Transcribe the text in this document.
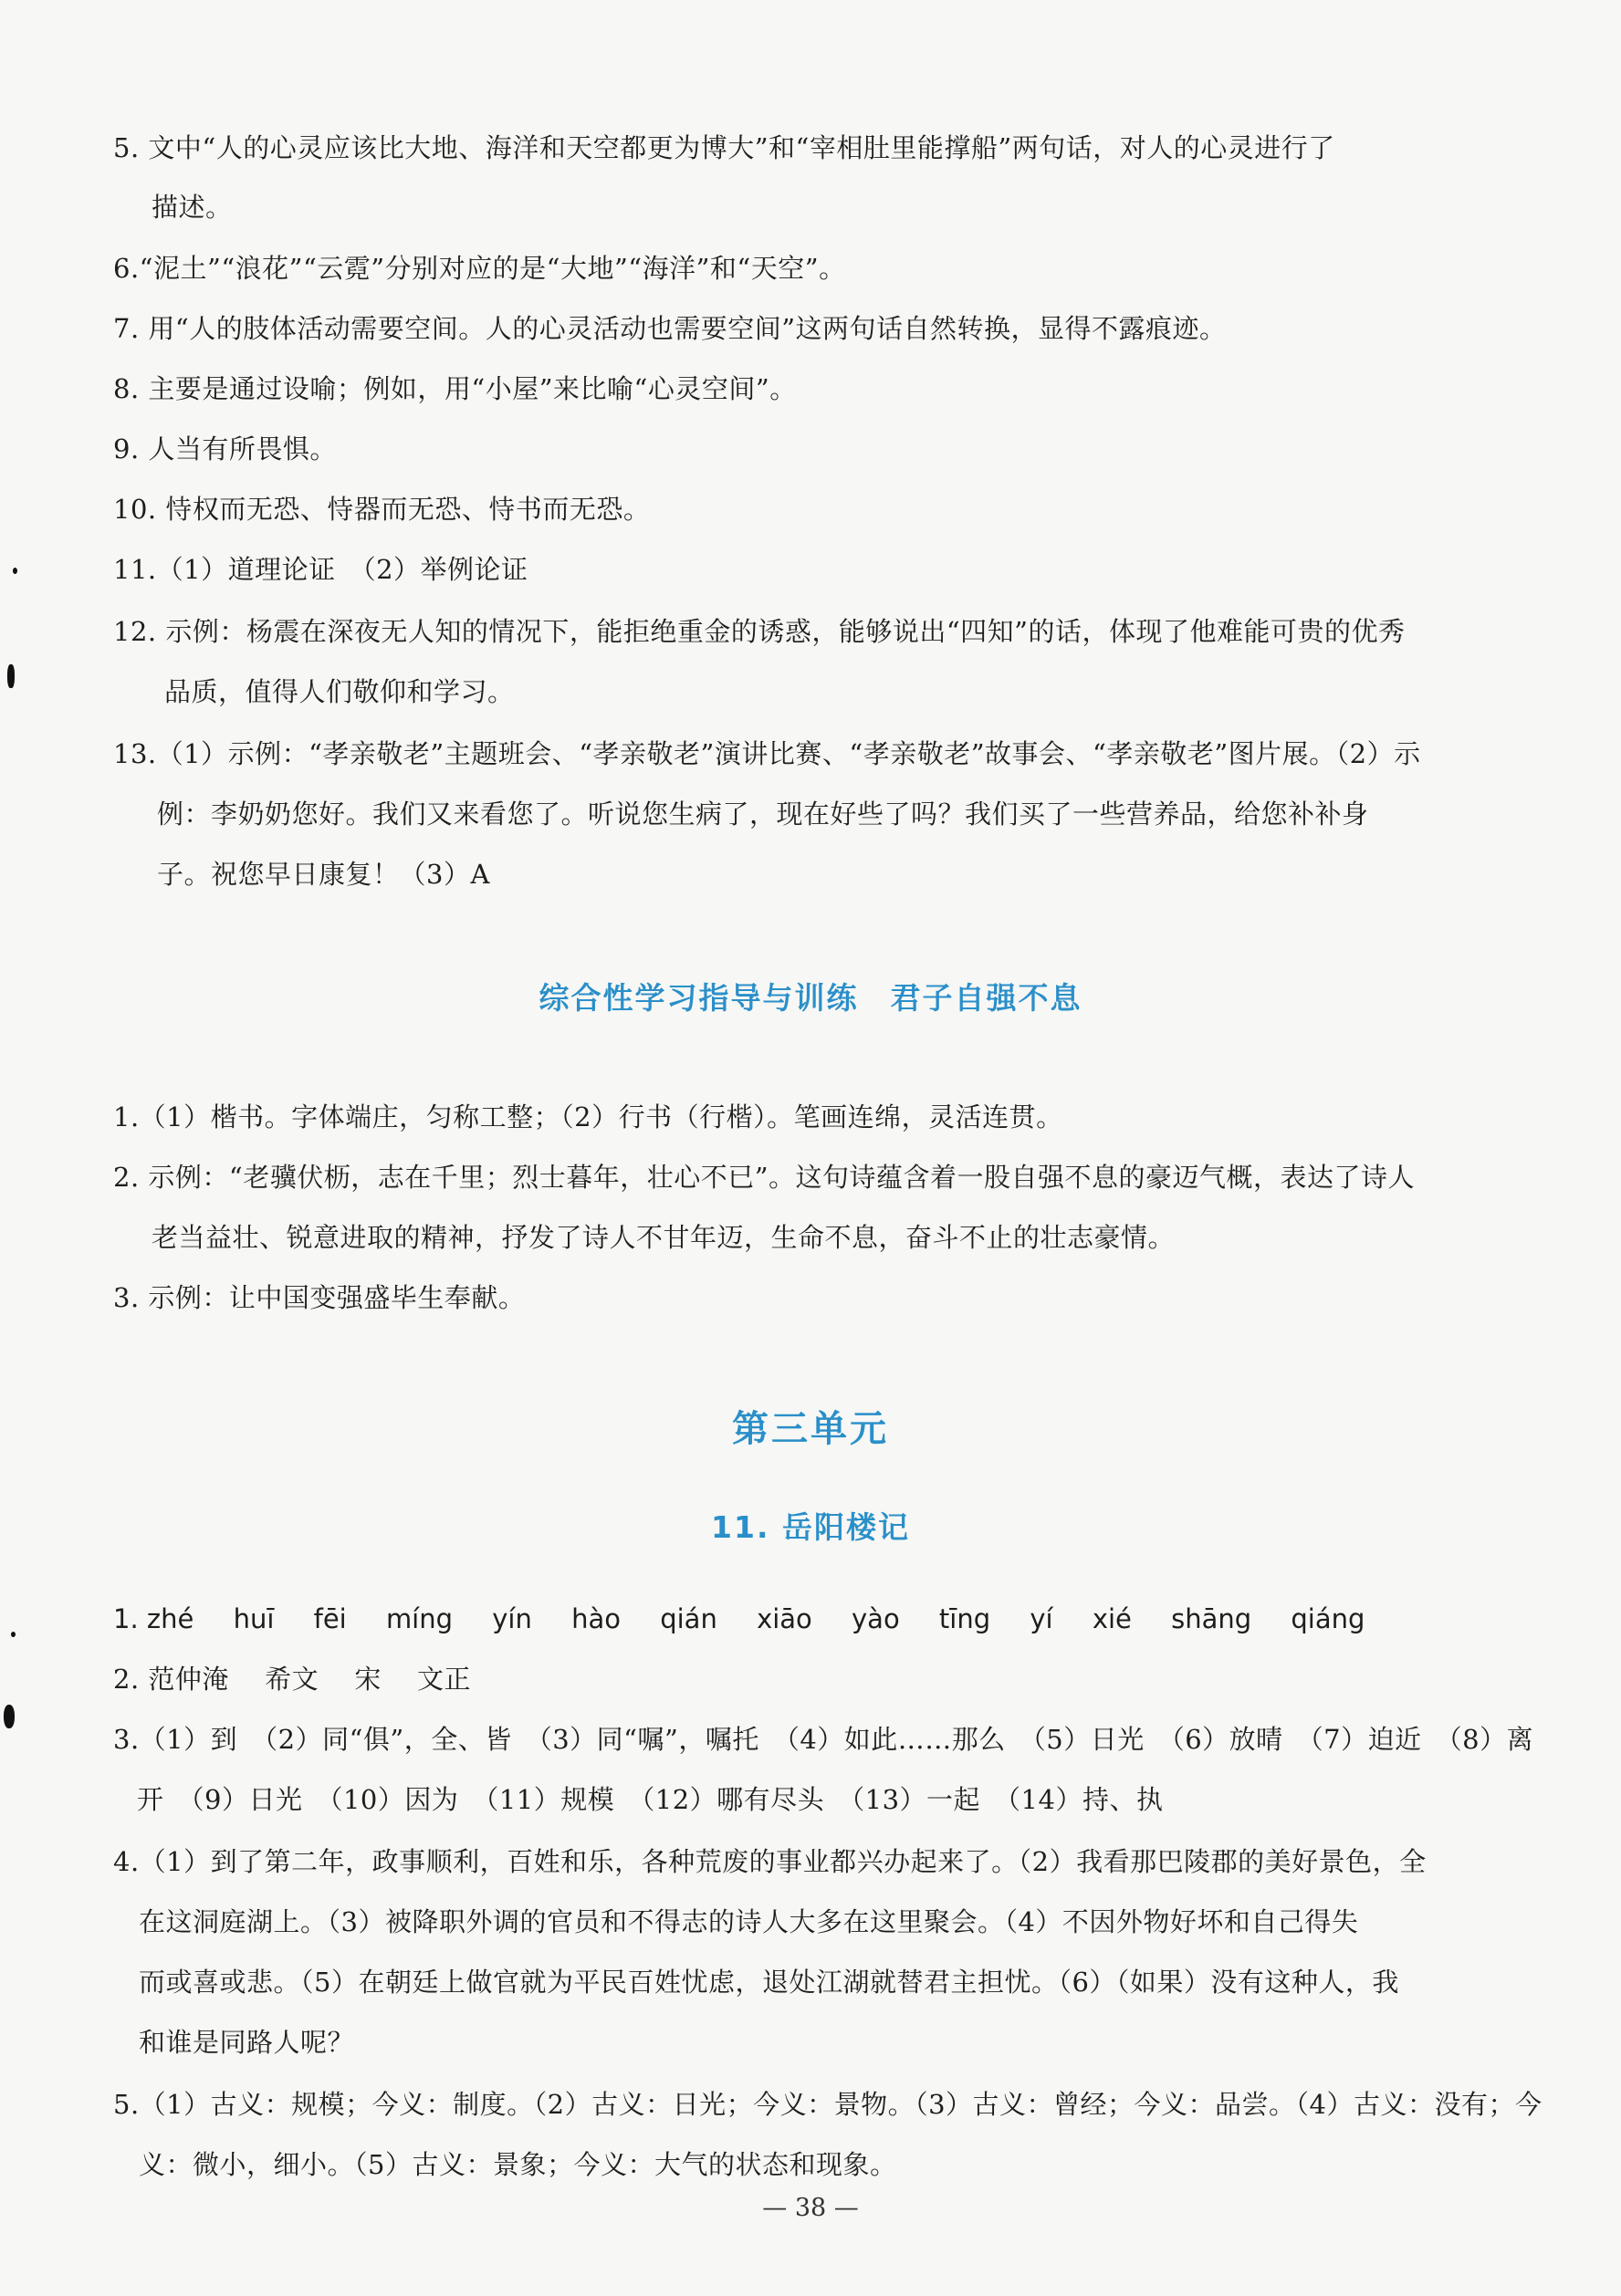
5. 文中“人的心灵应该比大地、海洋和天空都更为博大”和“宰相肚里能撑船”两句话，对人的心灵进行了
描述。
6.“泥土”“浪花”“云霓”分别对应的是“大地”“海洋”和“天空”。
7. 用“人的肢体活动需要空间。人的心灵活动也需要空间”这两句话自然转换，显得不露痕迹。
8. 主要是通过设喻；例如，用“小屋”来比喻“心灵空间”。
9. 人当有所畏惧。
10. 恃权而无恐、恃器而无恐、恃书而无恐。
11.（1）道理论证　（2）举例论证
12. 示例：杨震在深夜无人知的情况下，能拒绝重金的诱惑，能够说出“四知”的话，体现了他难能可贵的优秀
品质，值得人们敬仰和学习。
13.（1）示例：“孝亲敬老”主题班会、“孝亲敬老”演讲比赛、“孝亲敬老”故事会、“孝亲敬老”图片展。（2）示
例：李奶奶您好。我们又来看您了。听说您生病了，现在好些了吗？我们买了一些营养品，给您补补身
子。祝您早日康复！（3）A
综合性学习指导与训练　君子自强不息
1.（1）楷书。字体端庄，匀称工整；（2）行书（行楷）。笔画连绵，灵活连贯。
2. 示例：“老骥伏枥，志在千里；烈士暮年，壮心不已”。这句诗蕴含着一股自强不息的豪迈气概，表达了诗人
老当益壮、锐意进取的精神，抒发了诗人不甘年迈，生命不息，奋斗不止的壮志豪情。
3. 示例：让中国变强盛毕生奉献。
第三单元
11. 岳阳楼记
1. zhé huī fēi míng yín hào qián xiāo yào tīng yí xié shāng qiáng
2. 范仲淹　 希文　 宋　 文正
3.（1）到　（2）同“俱”，全、皆　（3）同“嘱”，嘱托　（4）如此……那么　（5）日光　（6）放晴　（7）迫近　（8）离
开　（9）日光　（10）因为　（11）规模　（12）哪有尽头　（13）一起　（14）持、执
4.（1）到了第二年，政事顺利，百姓和乐，各种荒废的事业都兴办起来了。（2）我看那巴陵郡的美好景色，全
在这洞庭湖上。（3）被降职外调的官员和不得志的诗人大多在这里聚会。（4）不因外物好坏和自己得失
而或喜或悲。（5）在朝廷上做官就为平民百姓忧虑，退处江湖就替君主担忧。（6）（如果）没有这种人，我
和谁是同路人呢？
5.（1）古义：规模；今义：制度。（2）古义：日光；今义：景物。（3）古义：曾经；今义：品尝。（4）古义：没有；今
义：微小，细小。（5）古义：景象；今义：大气的状态和现象。
— 38 —
